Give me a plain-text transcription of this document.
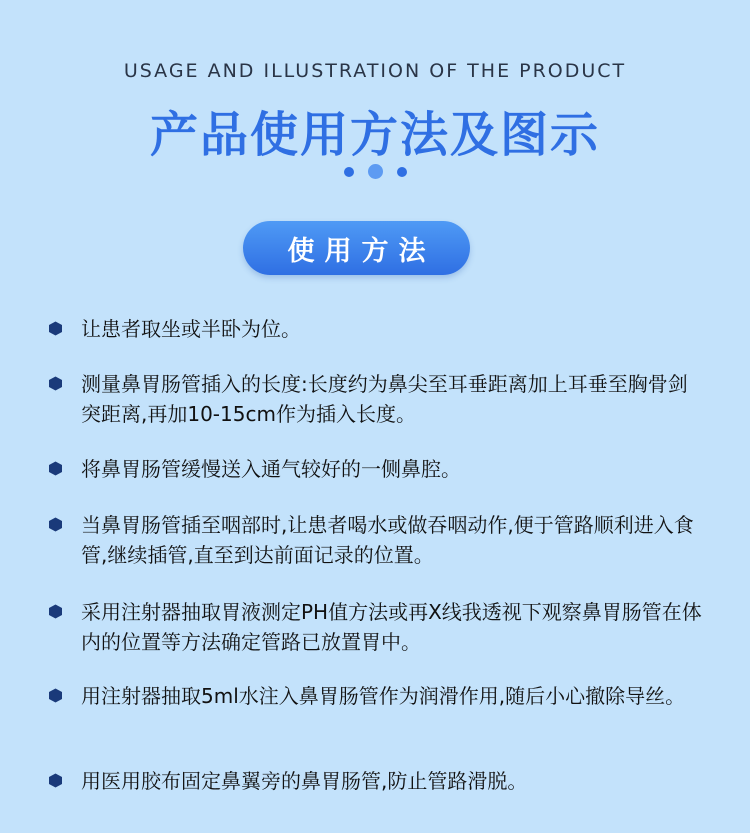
USAGE AND ILLUSTRATION OF THE PRODUCT
产品使用方法及图示
使用方法
让患者取坐或半卧为位。
测量鼻胃肠管插入的长度:长度约为鼻尖至耳垂距离加上耳垂至胸骨剑突距离,再加10-15cm作为插入长度。
将鼻胃肠管缓慢送入通气较好的一侧鼻腔。
当鼻胃肠管插至咽部时,让患者喝水或做吞咽动作,便于管路顺利进入食管,继续插管,直至到达前面记录的位置。
采用注射器抽取胃液测定PH值方法或再X线我透视下观察鼻胃肠管在体内的位置等方法确定管路已放置胃中。
用注射器抽取5ml水注入鼻胃肠管作为润滑作用,随后小心撤除导丝。
用医用胶布固定鼻翼旁的鼻胃肠管,防止管路滑脱。
